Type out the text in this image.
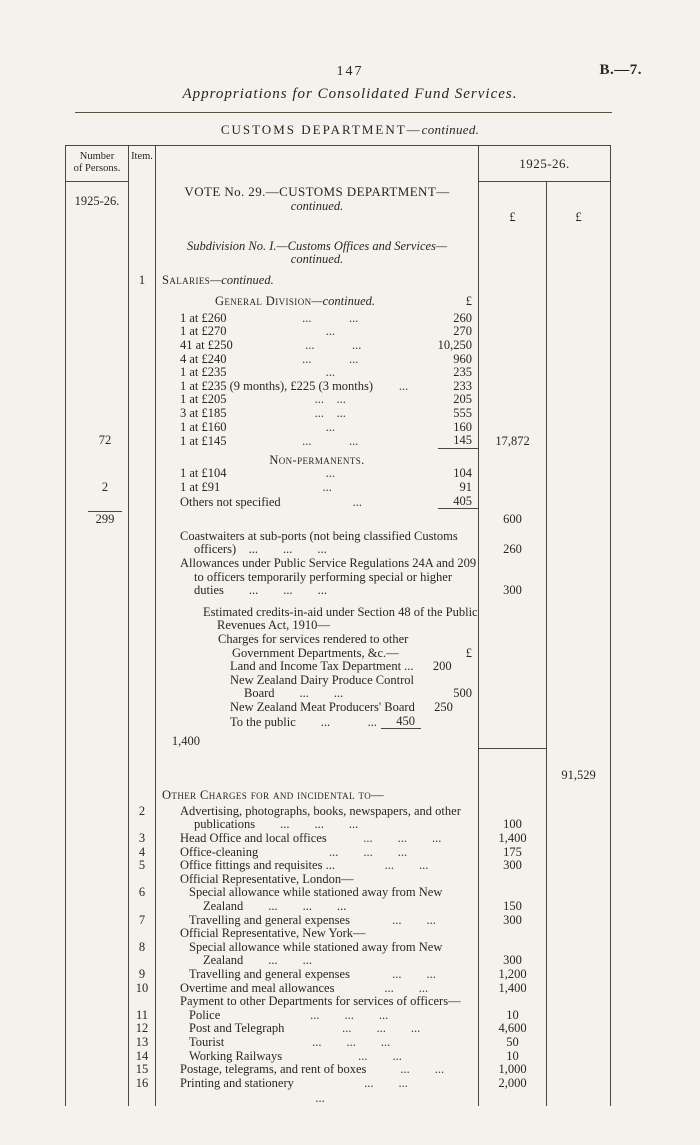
147	B.—7.
Appropriations for Consolidated Fund Services.
CUSTOMS DEPARTMENT—continued.
Number
of Persons.
	Item.	
VOTE No. 29.—CUSTOMS DEPARTMENT—
continued.
	1925-26.
1925-26.			£	£

		Subdivision No. I.—Customs Offices and Services—		

		continued.		

	1	Salaries—continued.		

		General Division—continued. £		

		1 at £260 ...   ... 260		

		1 at £270 ... 270		

		41 at £250 ...   ... 10,250		

		4 at £240 ...   ... 960		

		1 at £235 ... 235		

		1 at £235 (9 months), £225 (3 months) ... 233		

		1 at £205 ... ... 205		

		3 at £185 ... ... 555		

		1 at £160 ... 160		

72		1 at £145 ...   ... 145	17,872	

		Non-permanents.		

		1 at £104 ... 104		

2		1 at £91 ... 91		

		Others not specified ... 405		

299			600	

		Coastwaiters at sub-ports (not being classified Customs officers) ...  ...  ...	260	

		Allowances under Public Service Regulations 24A and 209 to officers temporarily performing special or higher duties  ...  ...  ...	300	

		Estimated credits-in-aid under Section 48 of the Public Revenues Act, 1910—		

		Charges for services rendered to other Government Departments, &c.— £		

		Land and Income Tax Department ... 200		

		New Zealand Dairy Produce Control Board  ...  ... 500		

		New Zealand Meat Producers' Board 250		

		To the public  ...   ... 450		

		1,400		

		91,529

		Other Charges for and incidental to—		

	2	Advertising, photographs, books, newspapers, and other publications  ...  ...  ...	100	
	3	Head Office and local offices ...  ...  ...	1,400	
	4	Office-cleaning ...  ...  ...	175	
	5	Office fittings and requisites ... ...  ...	300	

		Official Representative, London—		

	6	Special allowance while stationed away from New Zealand  ...  ...  ...	150	
	7	Travelling and general expenses ...  ...	300	

		Official Representative, New York—		

	8	Special allowance while stationed away from New Zealand  ...  ...	300	
	9	Travelling and general expenses ...  ...	1,200	
	10	Overtime and meal allowances ...  ...	1,400	

		Payment to other Departments for services of officers—		

	11	Police ...  ...  ...	10	
	12	Post and Telegraph ...  ...  ...	4,600	
	13	Tourist ...  ...  ...	50	
	14	Working Railways ...  ...	10	
	15	Postage, telegrams, and rent of boxes ...  ...	1,000	
	16	Printing and stationery ...  ...	2,000	

		...		
